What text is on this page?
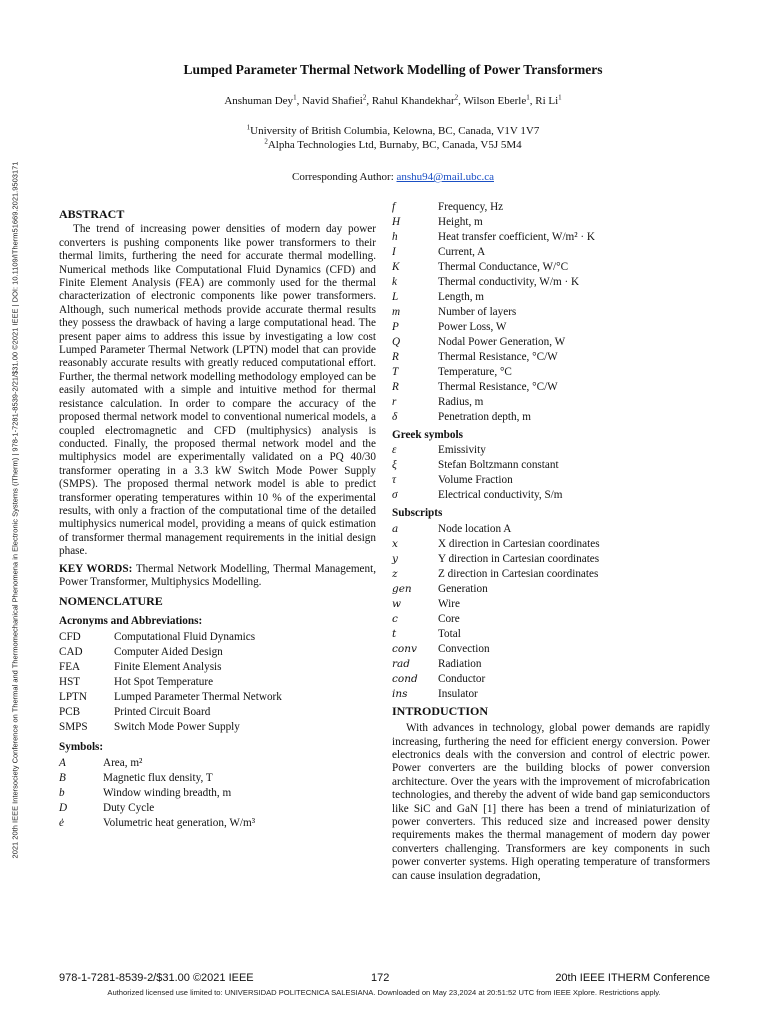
2021 20th IEEE Intersociety Conference on Thermal and Thermomechanical Phenomena in Electronic Systems (iTherm) | 978-1-7281-8539-2/21/$31.00 ©2021 IEEE | DOI: 10.1109/ITherm51669.2021.9503171
Lumped Parameter Thermal Network Modelling of Power Transformers
Anshuman Dey$^1$, Navid Shafiei$^2$, Rahul Khandekhar$^2$, Wilson Eberle$^1$, Ri Li$^1$
$^1$University of British Columbia, Kelowna, BC, Canada, V1V 1V7
$^2$Alpha Technologies Ltd, Burnaby, BC, Canada, V5J 5M4
Corresponding Author: anshu94@mail.ubc.ca
ABSTRACT

The trend of increasing power densities of modern day power converters is pushing components like power transformers to their thermal limits, furthering the need for accurate thermal modelling. Numerical methods like Computational Fluid Dynamics (CFD) and Finite Element Analysis (FEA) are commonly used for the thermal characterization of electronic components like power transformers. Although, such numerical methods provide accurate thermal results they possess the drawback of having a large computational head. The present paper aims to address this issue by investigating a low cost Lumped Parameter Thermal Network (LPTN) model that can provide reasonably accurate results with greatly reduced computational effort. Further, the thermal network modelling methodology employed can be easily automated with a simple and intuitive method for thermal resistance calculation. In order to compare the accuracy of the proposed thermal network model to conventional numerical models, a coupled electromagnetic and CFD (multiphysics) analysis is conducted. Finally, the proposed thermal network model and the multiphysics model are experimentally validated on a PQ 40/30 transformer operating in a 3.3 kW Switch Mode Power Supply (SMPS). The proposed thermal network model is able to predict transformer operating temperatures within 10 % of the experimental results, with only a fraction of the computational time of the detailed multiphysics numerical model, providing a means of quick estimation of transformer thermal management requirements in the initial design phase.

KEY WORDS: Thermal Network Modelling, Thermal Management, Power Transformer, Multiphysics Modelling.

NOMENCLATURE
Acronyms and Abbreviations:
CFD	Computational Fluid Dynamics
CAD	Computer Aided Design
FEA	Finite Element Analysis
HST	Hot Spot Temperature
LPTN	Lumped Parameter Thermal Network
PCB	Printed Circuit Board
SMPS	Switch Mode Power Supply
Symbols:
A	Area, m²
B	Magnetic flux density, T
b	Window winding breadth, m
D	Duty Cycle
ė	Volumetric heat generation, W/m³
f	Frequency, Hz
H	Height, m
h	Heat transfer coefficient, W/m² · K
I	Current, A
K	Thermal Conductance, W/°C
k	Thermal conductivity, W/m · K
L	Length, m
m	Number of layers
P	Power Loss, W
Q	Nodal Power Generation, W
R	Thermal Resistance, °C/W
T	Temperature, °C
R	Thermal Resistance, °C/W
r	Radius, m
δ	Penetration depth, m
Greek symbols
ε	Emissivity
ξ	Stefan Boltzmann constant
τ	Volume Fraction
σ	Electrical conductivity, S/m
Subscripts
a	Node location A
x	X direction in Cartesian coordinates
y	Y direction in Cartesian coordinates
z	Z direction in Cartesian coordinates
gen	Generation
w	Wire
c	Core
t	Total
conv	Convection
rad	Radiation
cond	Conductor
ins	Insulator
INTRODUCTION

With advances in technology, global power demands are rapidly increasing, furthering the need for efficient energy conversion. Power electronics deals with the conversion and control of electric power. Power converters are the building blocks of power conversion architecture. Over the years with the improvement of microfabrication technologies, and thereby the advent of wide band gap semiconductors like SiC and GaN [1] there has been a trend of miniaturization of power converters. This reduced size and increased power density requirements makes the thermal management of modern day power converters challenging. Transformers are key components in such power converter systems. High operating temperature of transformers can cause insulation degradation,

978-1-7281-8539-2/$31.00 ©2021 IEEE	172	20th IEEE ITHERM Conference
Authorized licensed use limited to: UNIVERSIDAD POLITECNICA SALESIANA. Downloaded on May 23,2024 at 20:51:52 UTC from IEEE Xplore. Restrictions apply.
